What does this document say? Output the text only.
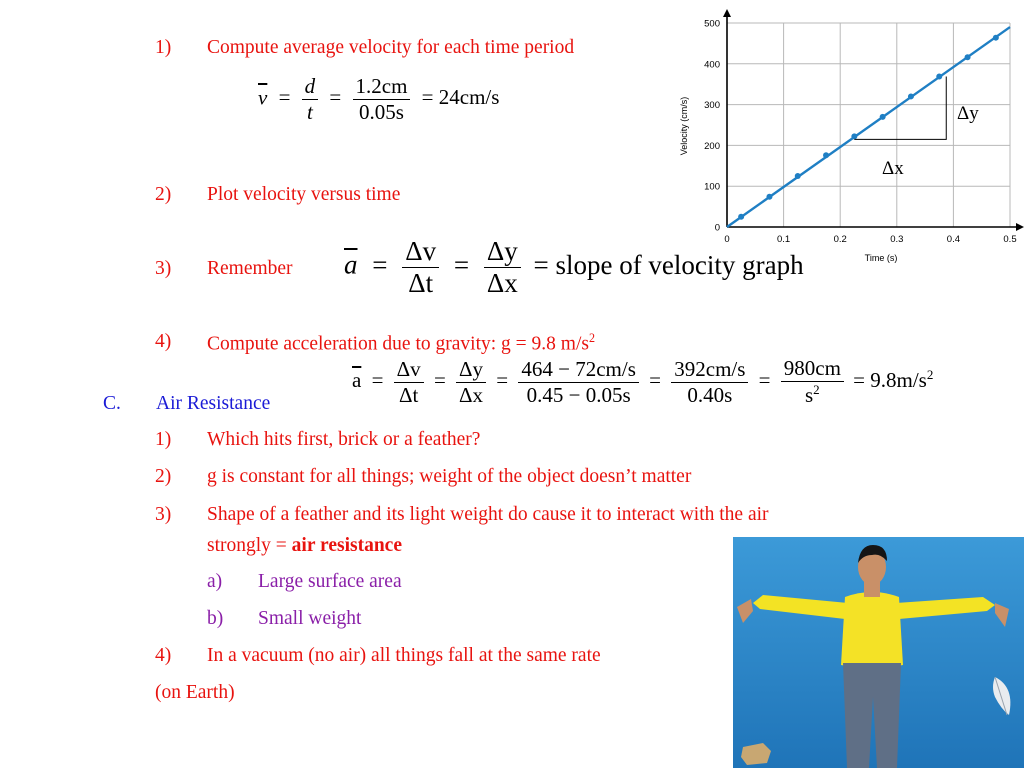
1) Compute average velocity for each time period
2) Plot velocity versus time
3) Remember
4) Compute acceleration due to gravity: g = 9.8 $m/s^2$
C. Air Resistance
1) Which hits first, brick or a feather?
2) g is constant for all things; weight of the object doesn’t matter
3) Shape of a feather and its light weight do cause it to interact with the air
strongly = air resistance
a) Large surface area
b) Small weight
4) In a vacuum (no air) all things fall at the same rate
(on Earth)
$\overline{v} = \frac{d}{t} = \frac{1.2cm}{0.05s} = 24cm/s$
$\overline{a} = \frac{\Delta v}{\Delta t} = \frac{\Delta y}{\Delta x}$ = slope of velocity graph
$\overline{a} = \frac{\Delta v}{\Delta t} = \frac{\Delta y}{\Delta x} = \frac{464 - 72cm/s}{0.45 - 0.05s} = \frac{392cm/s}{0.40s} = \frac{980cm}{s^2} = 9.8m/s^2$
0	0.1	0.2	0.3	0.4	0.5
0
100
200
300
400
500
Time (s)
Velocity (cm/s)	Δy
Δx
